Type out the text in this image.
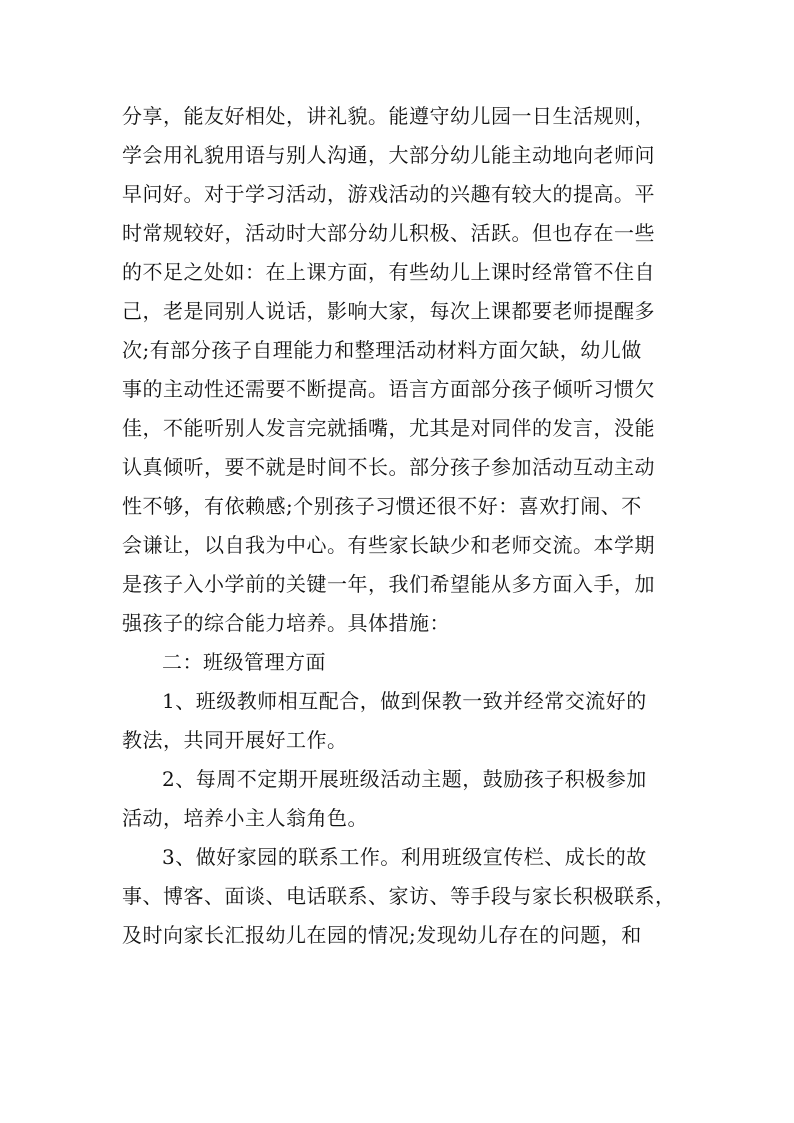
分享，能友好相处，讲礼貌。能遵守幼儿园一日生活规则，
学会用礼貌用语与别人沟通，大部分幼儿能主动地向老师问
早问好。对于学习活动，游戏活动的兴趣有较大的提高。平
时常规较好，活动时大部分幼儿积极、活跃。但也存在一些
的不足之处如：在上课方面，有些幼儿上课时经常管不住自
己，老是同别人说话，影响大家，每次上课都要老师提醒多
次;有部分孩子自理能力和整理活动材料方面欠缺，幼儿做
事的主动性还需要不断提高。语言方面部分孩子倾听习惯欠
佳，不能听别人发言完就插嘴，尤其是对同伴的发言，没能
认真倾听，要不就是时间不长。部分孩子参加活动互动主动
性不够，有依赖感;个别孩子习惯还很不好：喜欢打闹、不
会谦让，以自我为中心。有些家长缺少和老师交流。本学期
是孩子入小学前的关键一年，我们希望能从多方面入手，加
强孩子的综合能力培养。具体措施：
二：班级管理方面
1、班级教师相互配合，做到保教一致并经常交流好的
教法，共同开展好工作。
2、每周不定期开展班级活动主题，鼓励孩子积极参加
活动，培养小主人翁角色。
3、做好家园的联系工作。利用班级宣传栏、成长的故
事、博客、面谈、电话联系、家访、等手段与家长积极联系，
及时向家长汇报幼儿在园的情况;发现幼儿存在的问题，和
